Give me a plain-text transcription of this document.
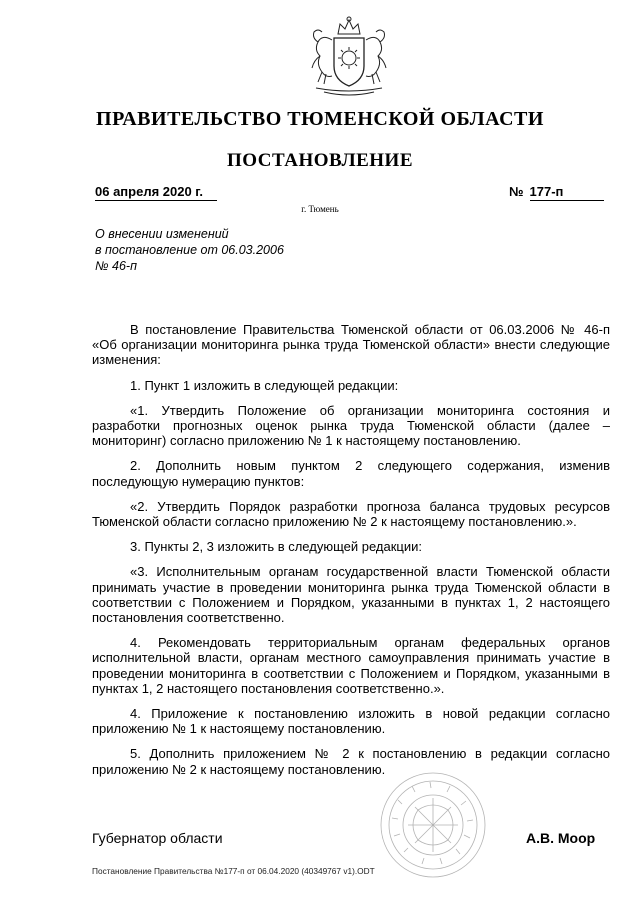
ПРАВИТЕЛЬСТВО ТЮМЕНСКОЙ ОБЛАСТИ
ПОСТАНОВЛЕНИЕ
06 апреля 2020 г.	№ 177-п
г. Тюмень
О внесении изменений
в постановление от 06.03.2006
№ 46-п

В постановление Правительства Тюменской области от 06.03.2006 № 46-п «Об организации мониторинга рынка труда Тюменской области» внести следующие изменения:

1. Пункт 1 изложить в следующей редакции:

«1. Утвердить Положение об организации мониторинга состояния и разработки прогнозных оценок рынка труда Тюменской области (далее – мониторинг) согласно приложению № 1 к настоящему постановлению.

2. Дополнить новым пунктом 2 следующего содержания, изменив последующую нумерацию пунктов:

«2. Утвердить Порядок разработки прогноза баланса трудовых ресурсов Тюменской области согласно приложению № 2 к настоящему постановлению.».

3. Пункты 2, 3 изложить в следующей редакции:

«3. Исполнительным органам государственной власти Тюменской области принимать участие в проведении мониторинга рынка труда Тюменской области в соответствии с Положением и Порядком, указанными в пунктах 1, 2 настоящего постановления соответственно.

4. Рекомендовать территориальным органам федеральных органов исполнительной власти, органам местного самоуправления принимать участие в проведении мониторинга в соответствии с Положением и Порядком, указанными в пунктах 1, 2 настоящего постановления соответственно.».

4. Приложение к постановлению изложить в новой редакции согласно приложению № 1 к настоящему постановлению.

5. Дополнить приложением № 2 к постановлению в редакции согласно приложению № 2 к настоящему постановлению.

Губернатор области	А.В. Моор
Постановление Правительства №177-п от 06.04.2020 (40349767 v1).ODT
